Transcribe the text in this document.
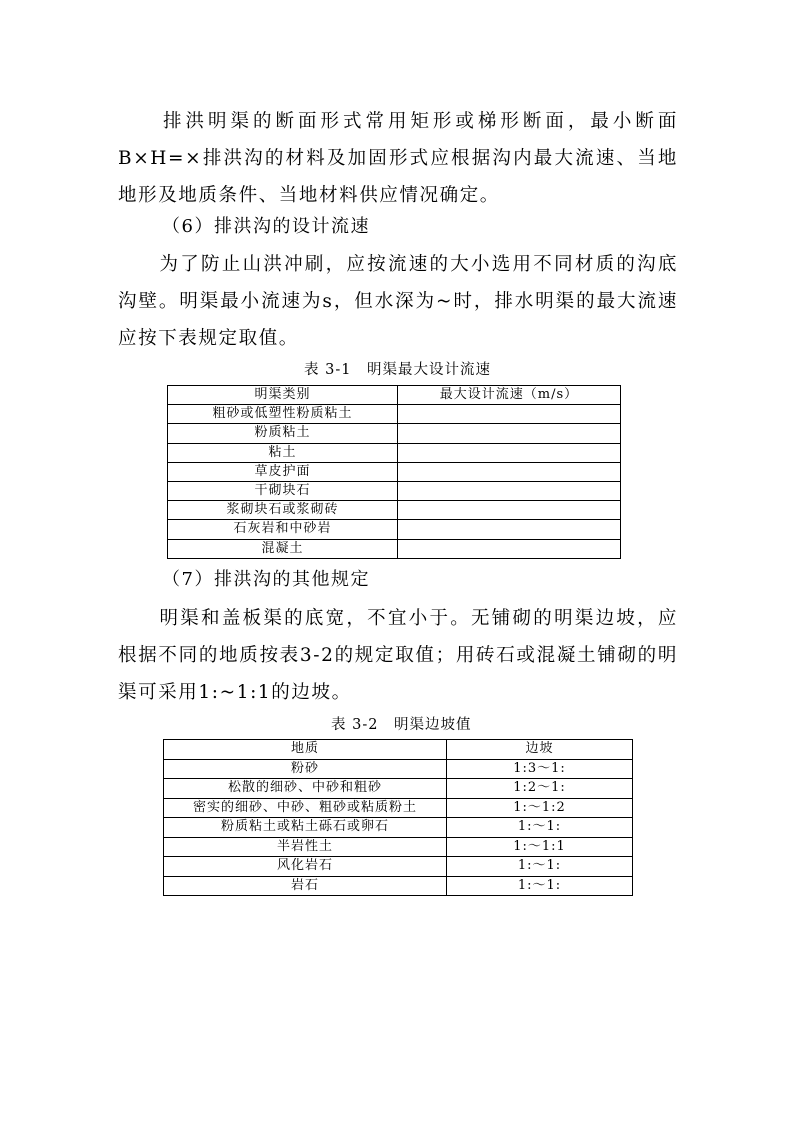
　　排洪明渠的断面形式常用矩形或梯形断面，最小断面B×H=×排洪沟的材料及加固形式应根据沟内最大流速、当地地形及地质条件、当地材料供应情况确定。

（6）排洪沟的设计流速

　　为了防止山洪冲刷，应按流速的大小选用不同材质的沟底沟壁。明渠最小流速为s，但水深为~时，排水明渠的最大流速应按下表规定取值。

表 3-1　明渠最大设计流速

明渠类别	最大设计流速（m/s）
粗砂或低塑性粉质粘土	
粉质粘土	
粘土	
草皮护面	
干砌块石	
浆砌块石或浆砌砖	
石灰岩和中砂岩	
混凝土	

（7）排洪沟的其他规定

　　明渠和盖板渠的底宽，不宜小于。无铺砌的明渠边坡，应根据不同的地质按表3-2的规定取值；用砖石或混凝土铺砌的明渠可采用1:~1:1的边坡。

表 3-2　明渠边坡值

地质	边坡
粉砂	1:3～1:
松散的细砂、中砂和粗砂	1:2～1:
密实的细砂、中砂、粗砂或粘质粉土	1:～1:2
粉质粘土或粘土砾石或卵石	1:～1:
半岩性土	1:～1:1
风化岩石	1:～1:
岩石	1:～1:
